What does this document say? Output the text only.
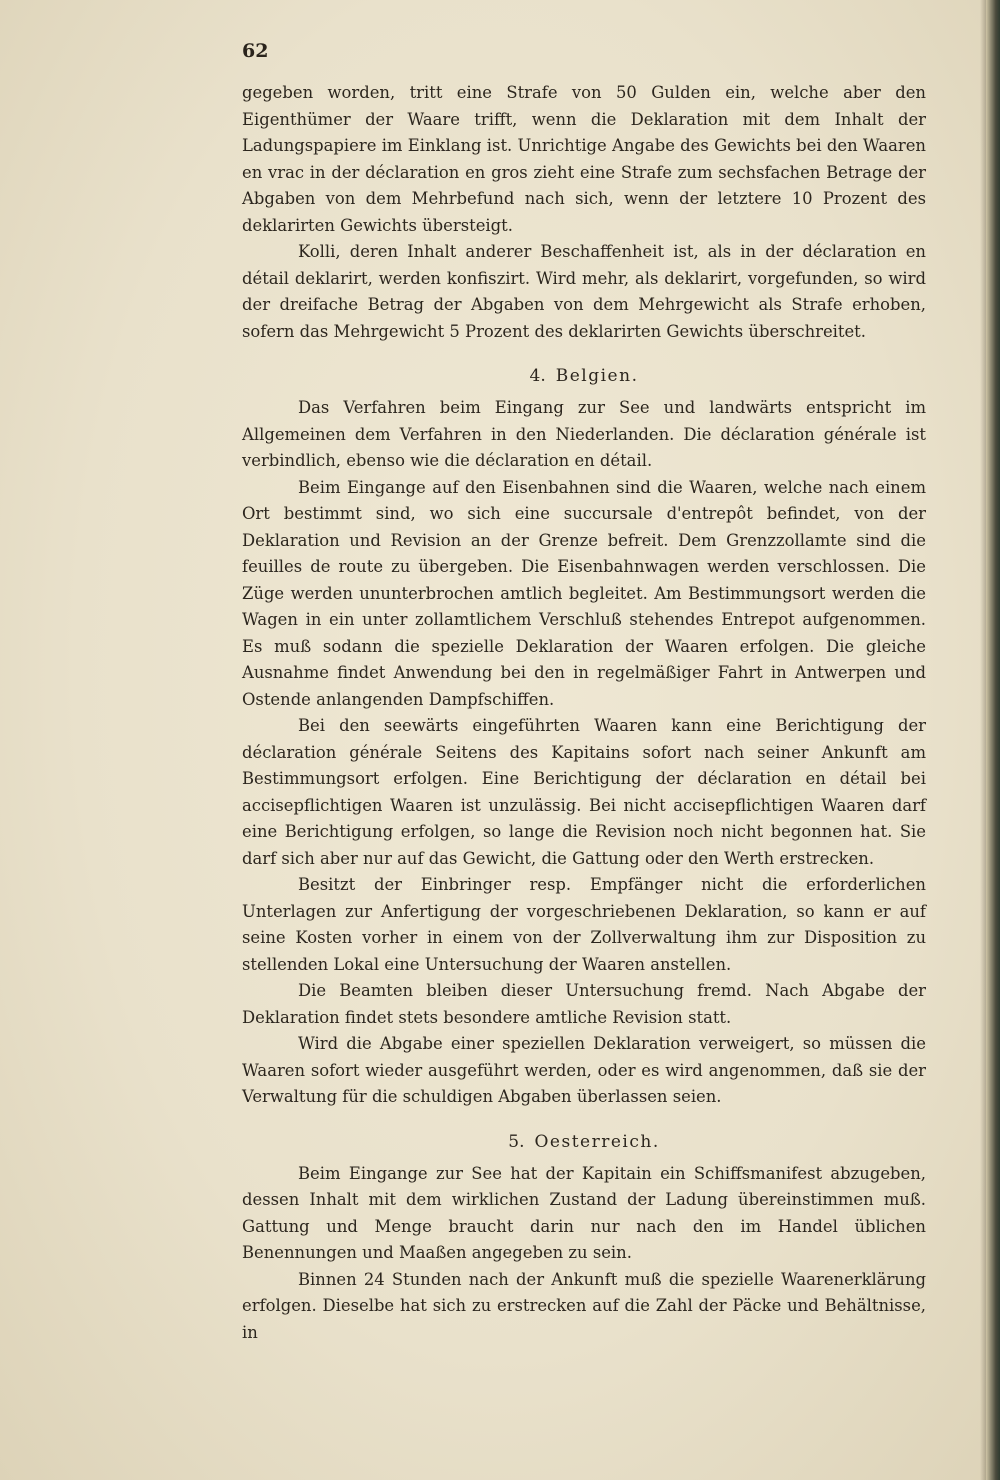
62

gegeben worden, tritt eine Strafe von 50 Gulden ein, welche aber den Eigenthümer der Waare trifft, wenn die Deklaration mit dem Inhalt der Ladungspapiere im Einklang ist. Unrichtige Angabe des Gewichts bei den Waaren en vrac in der déclaration en gros zieht eine Strafe zum sechsfachen Betrage der Abgaben von dem Mehrbefund nach sich, wenn der letztere 10 Prozent des deklarirten Gewichts übersteigt.

Kolli, deren Inhalt anderer Beschaffenheit ist, als in der déclaration en détail deklarirt, werden konfiszirt. Wird mehr, als deklarirt, vorgefunden, so wird der dreifache Betrag der Abgaben von dem Mehrgewicht als Strafe erhoben, sofern das Mehrgewicht 5 Prozent des deklarirten Gewichts überschreitet.

4. Belgien.

Das Verfahren beim Eingang zur See und landwärts entspricht im Allgemeinen dem Verfahren in den Niederlanden. Die déclaration générale ist verbindlich, ebenso wie die déclaration en détail.

Beim Eingange auf den Eisenbahnen sind die Waaren, welche nach einem Ort bestimmt sind, wo sich eine succursale d'entrepôt befindet, von der Deklaration und Revision an der Grenze befreit. Dem Grenzzollamte sind die feuilles de route zu übergeben. Die Eisenbahnwagen werden verschlossen. Die Züge werden ununterbrochen amtlich begleitet. Am Bestimmungsort werden die Wagen in ein unter zollamtlichem Verschluß stehendes Entrepot aufgenommen. Es muß sodann die spezielle Deklaration der Waaren erfolgen. Die gleiche Ausnahme findet Anwendung bei den in regelmäßiger Fahrt in Antwerpen und Ostende anlangenden Dampfschiffen.

Bei den seewärts eingeführten Waaren kann eine Berichtigung der déclaration générale Seitens des Kapitains sofort nach seiner Ankunft am Bestimmungsort erfolgen. Eine Berichtigung der déclaration en détail bei accisepflichtigen Waaren ist unzulässig. Bei nicht accisepflichtigen Waaren darf eine Berichtigung erfolgen, so lange die Revision noch nicht begonnen hat. Sie darf sich aber nur auf das Gewicht, die Gattung oder den Werth erstrecken.

Besitzt der Einbringer resp. Empfänger nicht die erforderlichen Unterlagen zur Anfertigung der vorgeschriebenen Deklaration, so kann er auf seine Kosten vorher in einem von der Zollverwaltung ihm zur Disposition zu stellenden Lokal eine Untersuchung der Waaren anstellen.

Die Beamten bleiben dieser Untersuchung fremd. Nach Abgabe der Deklaration findet stets besondere amtliche Revision statt.

Wird die Abgabe einer speziellen Deklaration verweigert, so müssen die Waaren sofort wieder ausgeführt werden, oder es wird angenommen, daß sie der Verwaltung für die schuldigen Abgaben überlassen seien.

5. Oesterreich.

Beim Eingange zur See hat der Kapitain ein Schiffsmanifest abzugeben, dessen Inhalt mit dem wirklichen Zustand der Ladung übereinstimmen muß. Gattung und Menge braucht darin nur nach den im Handel üblichen Benennungen und Maaßen angegeben zu sein.

Binnen 24 Stunden nach der Ankunft muß die spezielle Waarenerklärung erfolgen. Dieselbe hat sich zu erstrecken auf die Zahl der Päcke und Behältnisse, in
